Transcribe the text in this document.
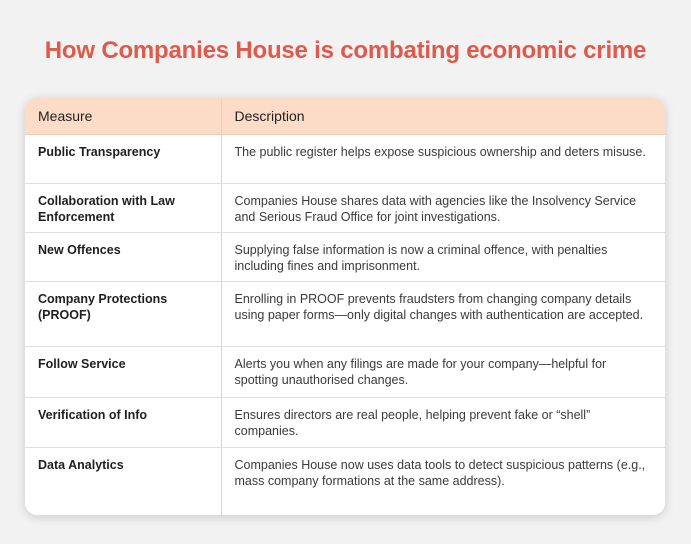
How Companies House is combating economic crime
Measure	Description
Public Transparency	The public register helps expose suspicious ownership and deters misuse.
Collaboration with Law Enforcement	Companies House shares data with agencies like the Insolvency Service and Serious Fraud Office for joint investigations.
New Offences	Supplying false information is now a criminal offence, with penalties including fines and imprisonment.
Company Protections (PROOF)	Enrolling in PROOF prevents fraudsters from changing company details using paper forms—only digital changes with authentication are accepted.
Follow Service	Alerts you when any filings are made for your company—helpful for spotting unauthorised changes.
Verification of Info	Ensures directors are real people, helping prevent fake or “shell” companies.
Data Analytics	Companies House now uses data tools to detect suspicious patterns (e.g., mass company formations at the same address).
